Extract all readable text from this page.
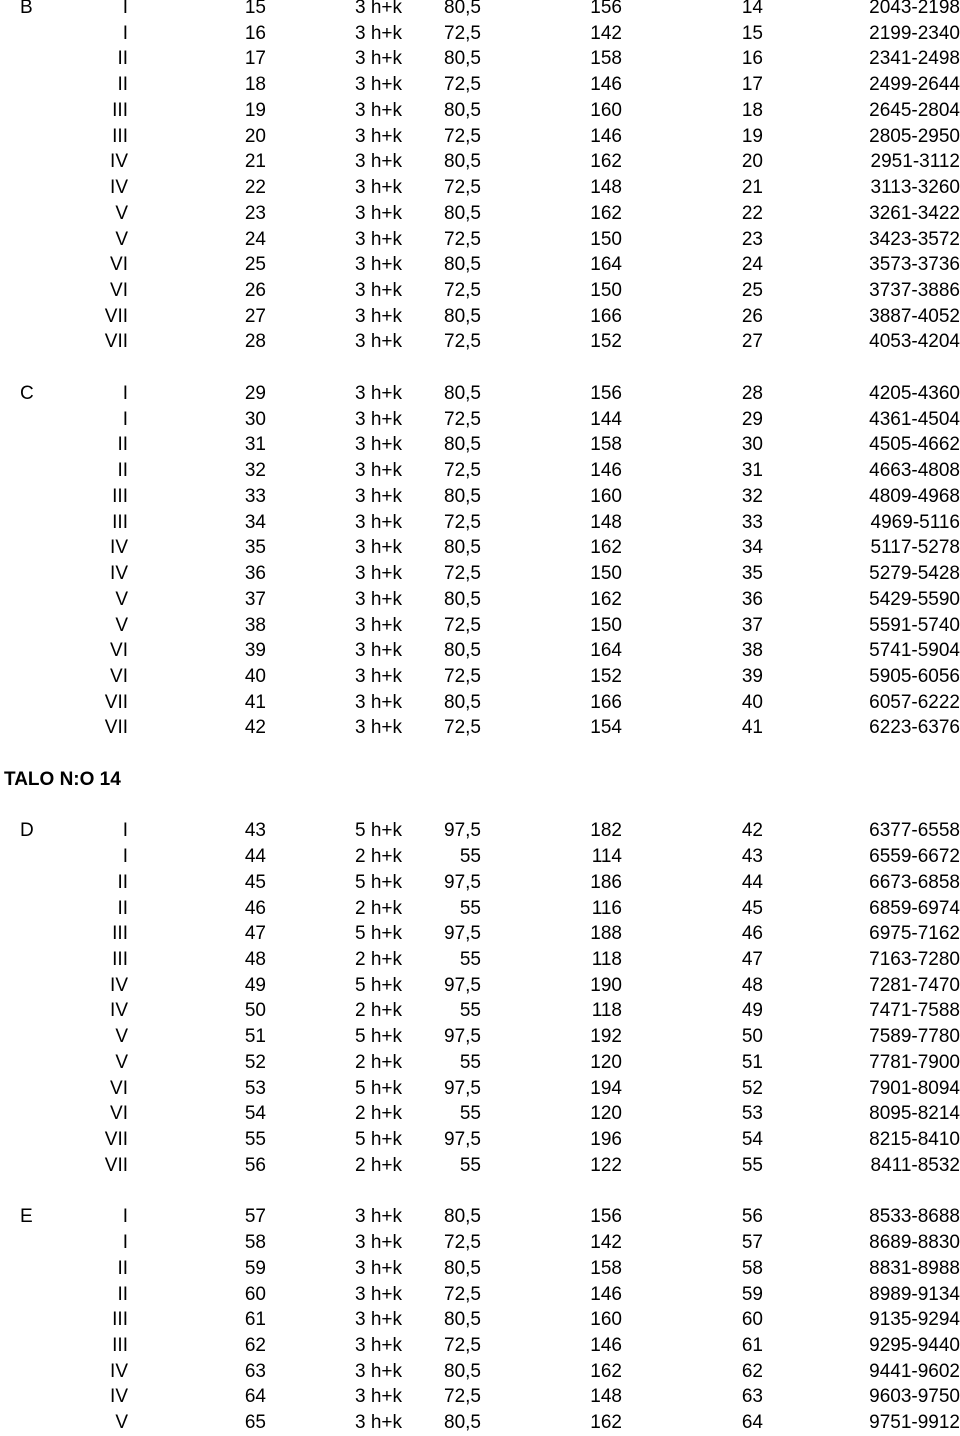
B	I	15	3 h+k	80,5	156	14	2043-2198
I	16	3 h+k	72,5	142	15	2199-2340
II	17	3 h+k	80,5	158	16	2341-2498
II	18	3 h+k	72,5	146	17	2499-2644
III	19	3 h+k	80,5	160	18	2645-2804
III	20	3 h+k	72,5	146	19	2805-2950
IV	21	3 h+k	80,5	162	20	2951-3112
IV	22	3 h+k	72,5	148	21	3113-3260
V	23	3 h+k	80,5	162	22	3261-3422
V	24	3 h+k	72,5	150	23	3423-3572
VI	25	3 h+k	80,5	164	24	3573-3736
VI	26	3 h+k	72,5	150	25	3737-3886
VII	27	3 h+k	80,5	166	26	3887-4052
VII	28	3 h+k	72,5	152	27	4053-4204
C	I	29	3 h+k	80,5	156	28	4205-4360
I	30	3 h+k	72,5	144	29	4361-4504
II	31	3 h+k	80,5	158	30	4505-4662
II	32	3 h+k	72,5	146	31	4663-4808
III	33	3 h+k	80,5	160	32	4809-4968
III	34	3 h+k	72,5	148	33	4969-5116
IV	35	3 h+k	80,5	162	34	5117-5278
IV	36	3 h+k	72,5	150	35	5279-5428
V	37	3 h+k	80,5	162	36	5429-5590
V	38	3 h+k	72,5	150	37	5591-5740
VI	39	3 h+k	80,5	164	38	5741-5904
VI	40	3 h+k	72,5	152	39	5905-6056
VII	41	3 h+k	80,5	166	40	6057-6222
VII	42	3 h+k	72,5	154	41	6223-6376
D	I	43	5 h+k	97,5	182	42	6377-6558
I	44	2 h+k	55	114	43	6559-6672
II	45	5 h+k	97,5	186	44	6673-6858
II	46	2 h+k	55	116	45	6859-6974
III	47	5 h+k	97,5	188	46	6975-7162
III	48	2 h+k	55	118	47	7163-7280
IV	49	5 h+k	97,5	190	48	7281-7470
IV	50	2 h+k	55	118	49	7471-7588
V	51	5 h+k	97,5	192	50	7589-7780
V	52	2 h+k	55	120	51	7781-7900
VI	53	5 h+k	97,5	194	52	7901-8094
VI	54	2 h+k	55	120	53	8095-8214
VII	55	5 h+k	97,5	196	54	8215-8410
VII	56	2 h+k	55	122	55	8411-8532
E	I	57	3 h+k	80,5	156	56	8533-8688
I	58	3 h+k	72,5	142	57	8689-8830
II	59	3 h+k	80,5	158	58	8831-8988
II	60	3 h+k	72,5	146	59	8989-9134
III	61	3 h+k	80,5	160	60	9135-9294
III	62	3 h+k	72,5	146	61	9295-9440
IV	63	3 h+k	80,5	162	62	9441-9602
IV	64	3 h+k	72,5	148	63	9603-9750
V	65	3 h+k	80,5	162	64	9751-9912
TALO N:O 14
